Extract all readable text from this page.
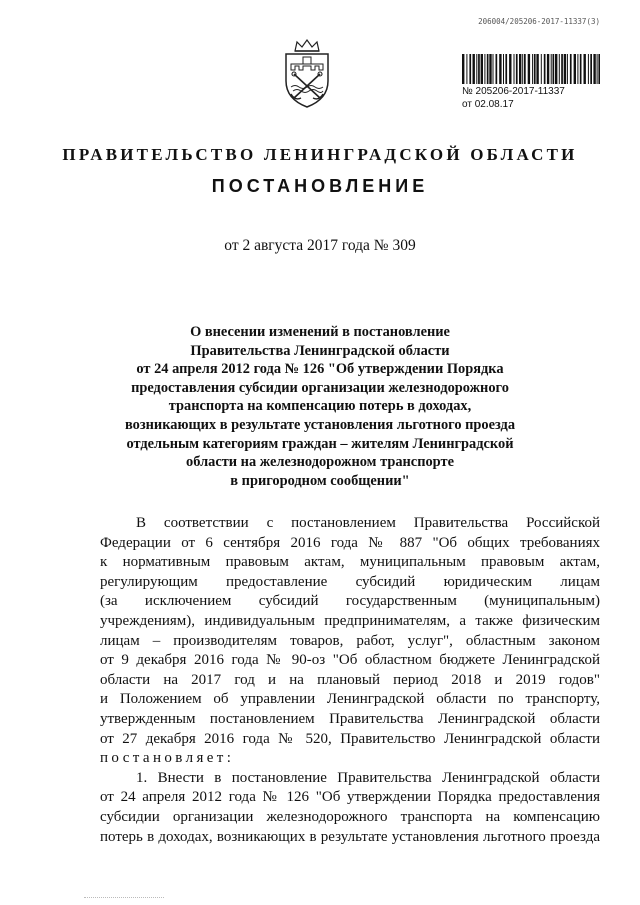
206004/205206-2017-11337(3)
№ 205206-2017-11337
от 02.08.17
ПРАВИТЕЛЬСТВО ЛЕНИНГРАДСКОЙ ОБЛАСТИ
ПОСТАНОВЛЕНИЕ
от 2 августа 2017 года № 309
О внесении изменений в постановление
Правительства Ленинградской области
от 24 апреля 2012 года № 126 "Об утверждении Порядка
предоставления субсидии организации железнодорожного
транспорта на компенсацию потерь в доходах,
возникающих в результате установления льготного проезда
отдельным категориям граждан – жителям Ленинградской
области на железнодорожном транспорте
в пригородном сообщении"
В соответствии с постановлением Правительства Российской
Федерации от 6 сентября 2016 года № 887 "Об общих требованиях
к нормативным правовым актам, муниципальным правовым актам,
регулирующим предоставление субсидий юридическим лицам
(за исключением субсидий государственным (муниципальным)
учреждениям), индивидуальным предпринимателям, а также физическим
лицам – производителям товаров, работ, услуг", областным законом
от 9 декабря 2016 года № 90-оз "Об областном бюджете Ленинградской
области на 2017 год и на плановый период 2018 и 2019 годов"
и Положением об управлении Ленинградской области по транспорту,
утвержденным постановлением Правительства Ленинградской области
от 27 декабря 2016 года № 520, Правительство Ленинградской области
постановляет:
1. Внести в постановление Правительства Ленинградской области
от 24 апреля 2012 года № 126 "Об утверждении Порядка предоставления
субсидии организации железнодорожного транспорта на компенсацию
потерь в доходах, возникающих в результате установления льготного проезда
